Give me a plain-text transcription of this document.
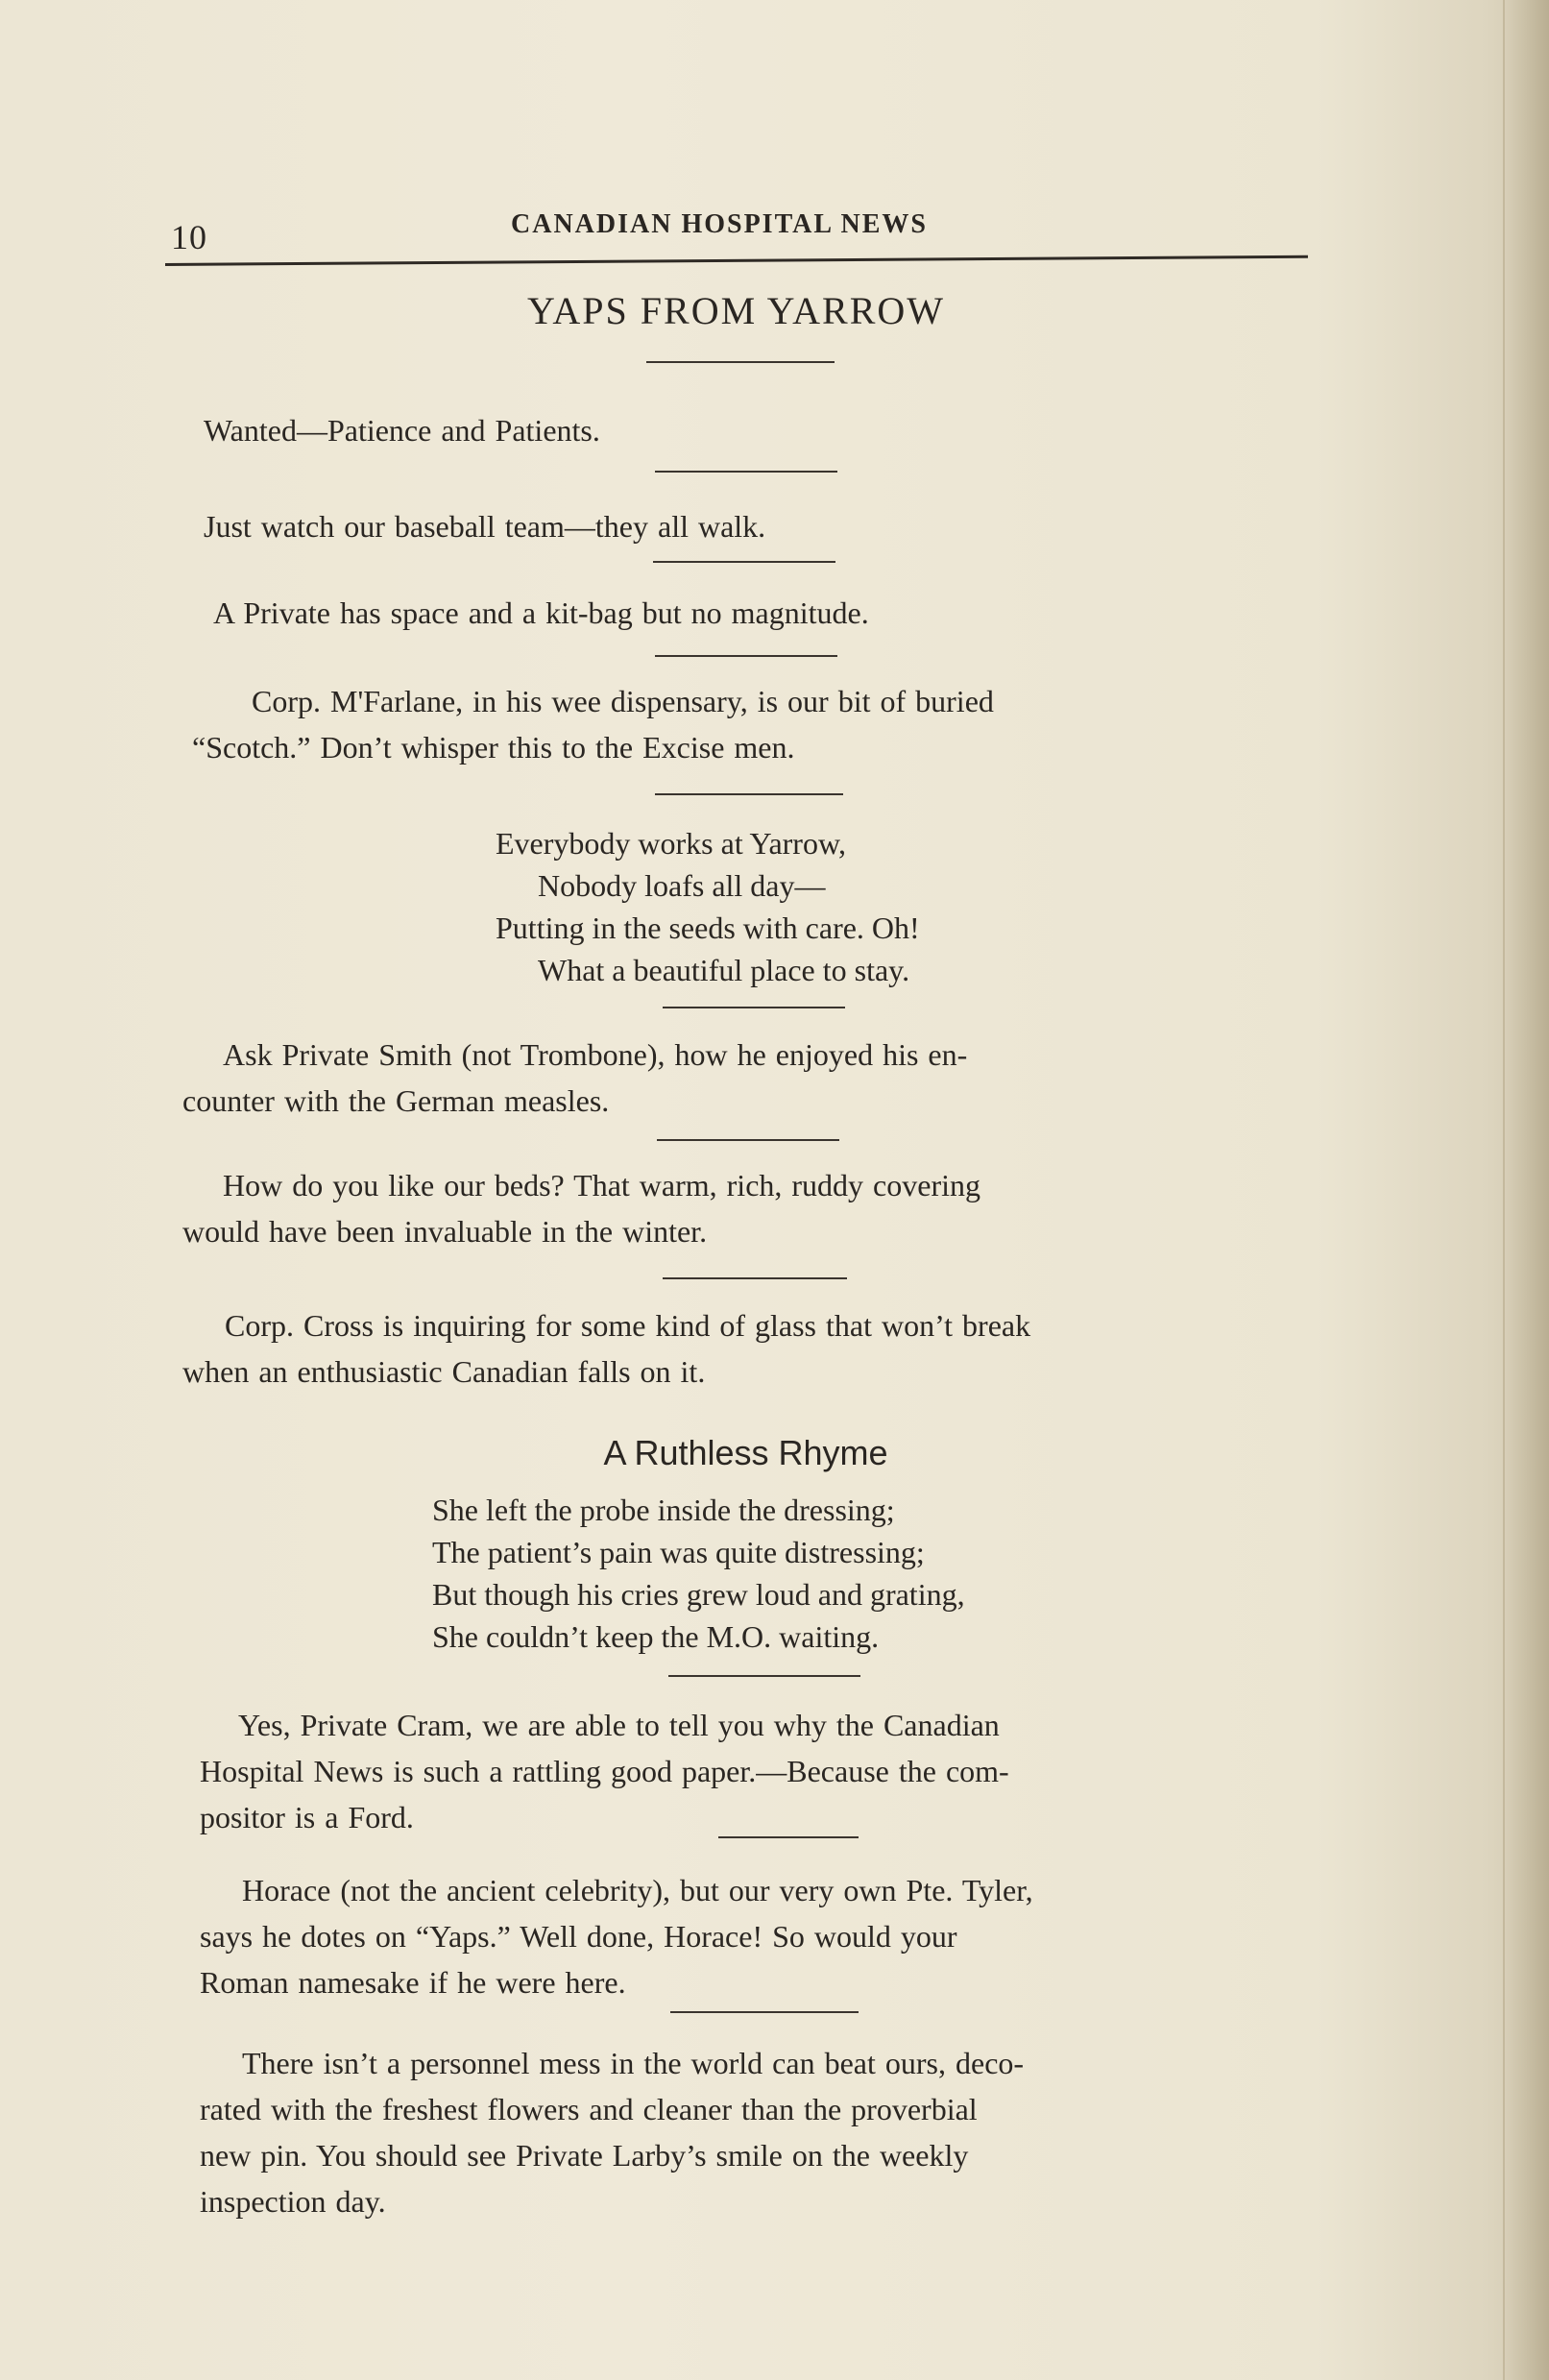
10	CANADIAN HOSPITAL NEWS
YAPS FROM YARROW
Wanted—Patience and Patients.
Just watch our baseball team—they all walk.
A Private has space and a kit-bag but no magnitude.
Corp. M'Farlane, in his wee dispensary, is our bit of buried
“Scotch.” Don’t whisper this to the Excise men.
Everybody works at Yarrow,
Nobody loafs all day—
Putting in the seeds with care. Oh!
What a beautiful place to stay.
Ask Private Smith (not Trombone), how he enjoyed his en-
counter with the German measles.
How do you like our beds? That warm, rich, ruddy covering
would have been invaluable in the winter.
Corp. Cross is inquiring for some kind of glass that won’t break
when an enthusiastic Canadian falls on it.
A Ruthless Rhyme
She left the probe inside the dressing;
The patient’s pain was quite distressing;
But though his cries grew loud and grating,
She couldn’t keep the M.O. waiting.
Yes, Private Cram, we are able to tell you why the Canadian
Hospital News is such a rattling good paper.—Because the com-
positor is a Ford.
Horace (not the ancient celebrity), but our very own Pte. Tyler,
says he dotes on “Yaps.” Well done, Horace! So would your
Roman namesake if he were here.
There isn’t a personnel mess in the world can beat ours, deco-
rated with the freshest flowers and cleaner than the proverbial
new pin. You should see Private Larby’s smile on the weekly
inspection day.
